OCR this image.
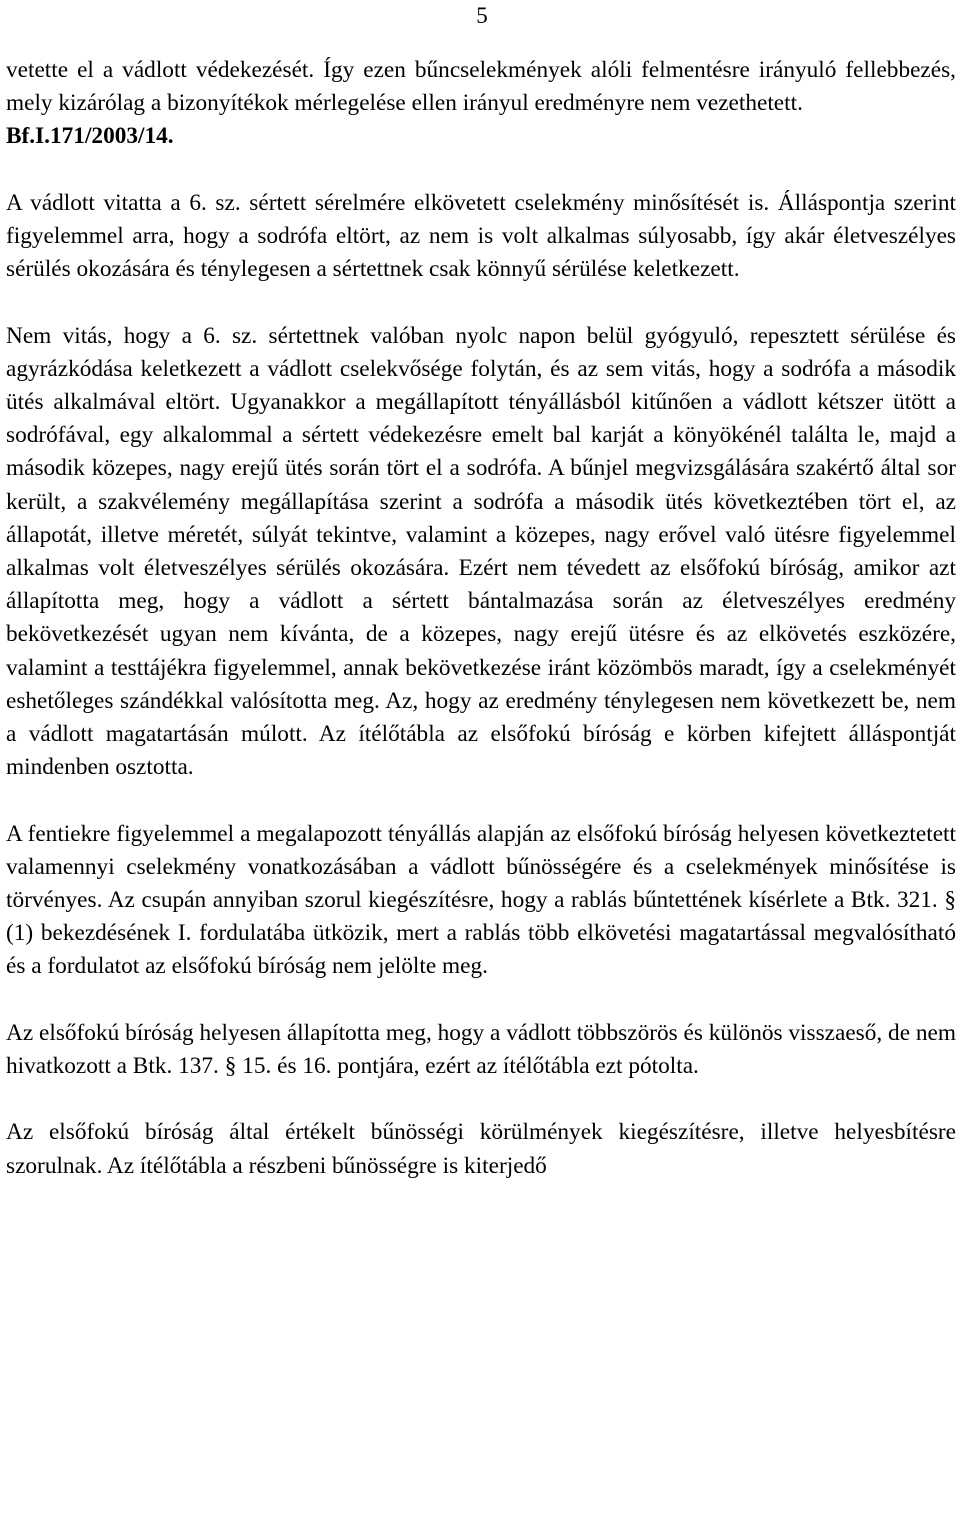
5

vetette el a vádlott védekezését. Így ezen bűncselekmények alóli felmentésre irányuló fellebbezés, mely kizárólag a bizonyítékok mérlegelése ellen irányul eredményre nem vezethetett.

Bf.I.171/2003/14.

A vádlott vitatta a 6. sz. sértett sérelmére elkövetett cselekmény minősítését is. Álláspontja szerint figyelemmel arra, hogy a sodrófa eltört, az nem is volt alkalmas súlyosabb, így akár életveszélyes sérülés okozására és ténylegesen a sértettnek csak könnyű sérülése keletkezett.

Nem vitás, hogy a 6. sz. sértettnek valóban nyolc napon belül gyógyuló, repesztett sérülése és agyrázkódása keletkezett a vádlott cselekvősége folytán, és az sem vitás, hogy a sodrófa a második ütés alkalmával eltört. Ugyanakkor a megállapított tényállásból kitűnően a vádlott kétszer ütött a sodrófával, egy alkalommal a sértett védekezésre emelt bal karját a könyökénél találta le, majd a második közepes, nagy erejű ütés során tört el a sodrófa. A bűnjel megvizsgálására szakértő által sor került, a szakvélemény megállapítása szerint a sodrófa a második ütés következtében tört el, az állapotát, illetve méretét, súlyát tekintve, valamint a közepes, nagy erővel való ütésre figyelemmel alkalmas volt életveszélyes sérülés okozására. Ezért nem tévedett az elsőfokú bíróság, amikor azt állapította meg, hogy a vádlott a sértett bántalmazása során az életveszélyes eredmény bekövetkezését ugyan nem kívánta, de a közepes, nagy erejű ütésre és az elkövetés eszközére, valamint a testtájékra figyelemmel, annak bekövetkezése iránt közömbös maradt, így a cselekményét eshetőleges szándékkal valósította meg. Az, hogy az eredmény ténylegesen nem következett be, nem a vádlott magatartásán múlott. Az ítélőtábla az elsőfokú bíróság e körben kifejtett álláspontját mindenben osztotta.

A fentiekre figyelemmel a megalapozott tényállás alapján az elsőfokú bíróság helyesen következtetett valamennyi cselekmény vonatkozásában a vádlott bűnösségére és a cselekmények minősítése is törvényes. Az csupán annyiban szorul kiegészítésre, hogy a rablás bűntettének kísérlete a Btk. 321. § (1) bekezdésének I. fordulatába ütközik, mert a rablás több elkövetési magatartással megvalósítható és a fordulatot az elsőfokú bíróság nem jelölte meg.

Az elsőfokú bíróság helyesen állapította meg, hogy a vádlott többszörös és különös visszaeső, de nem hivatkozott a Btk. 137. § 15. és 16. pontjára, ezért az ítélőtábla ezt pótolta.

Az elsőfokú bíróság által értékelt bűnösségi körülmények kiegészítésre, illetve helyesbítésre szorulnak. Az ítélőtábla a részbeni bűnösségre is kiterjedő
